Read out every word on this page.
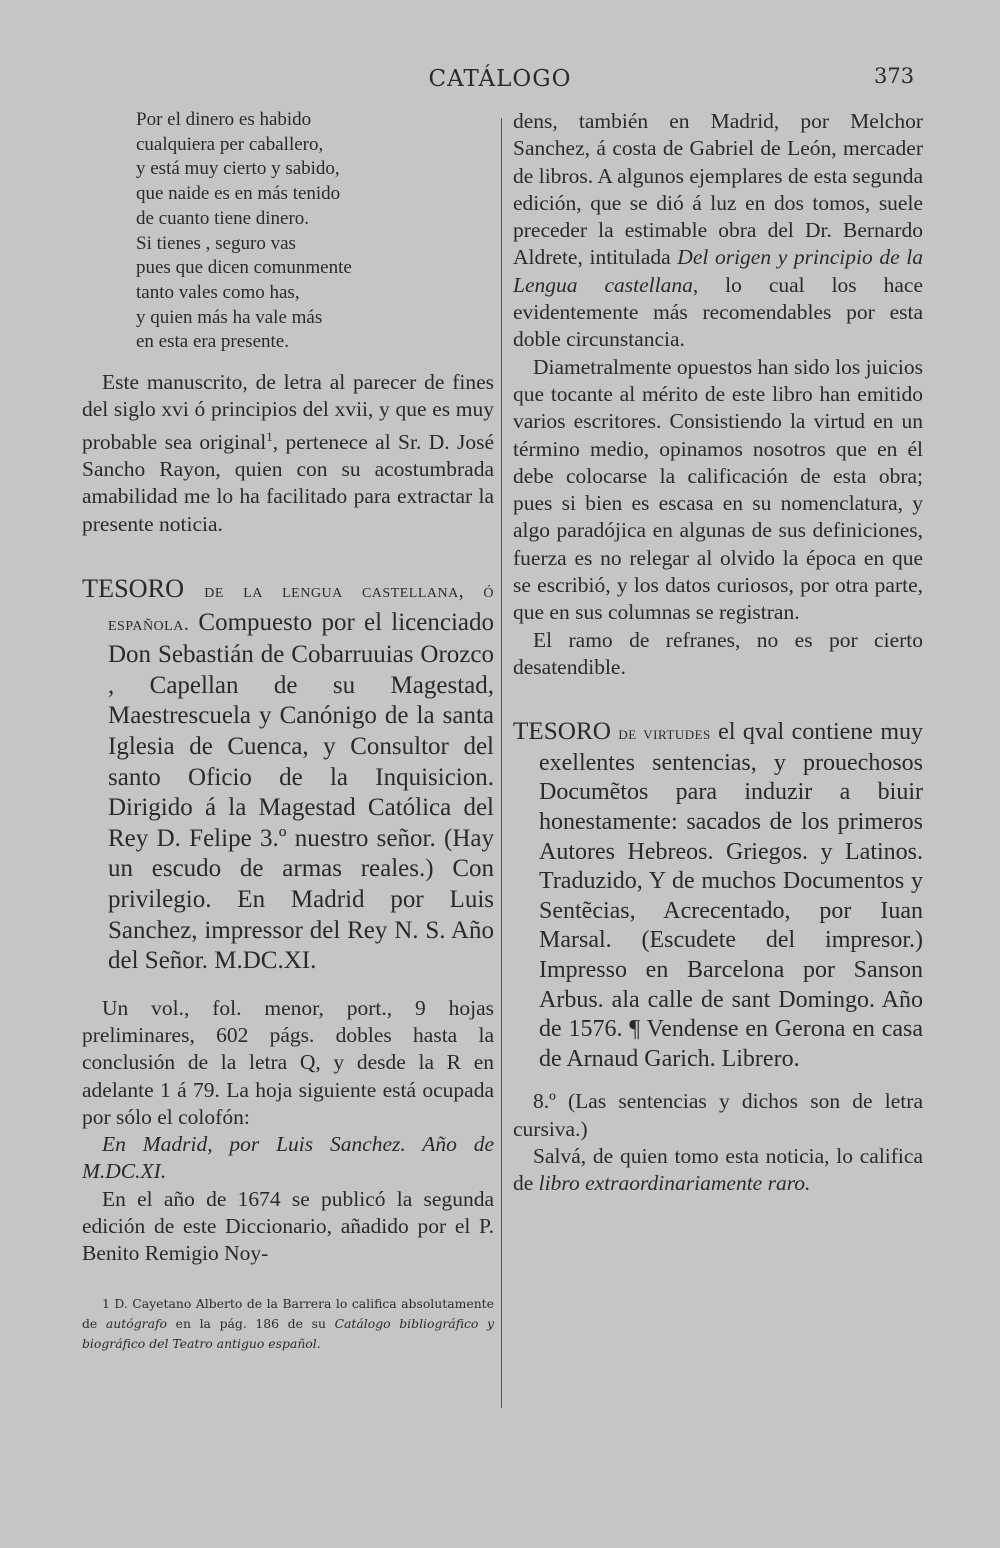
CATÁLOGO	373
Por el dinero es habido
cualquiera per caballero,
y está muy cierto y sabido,
que naide es en más tenido
de cuanto tiene dinero.
Si tienes , seguro vas
pues que dicen comunmente
tanto vales como has,
y quien más ha vale más
en esta era presente.

Este manuscrito, de letra al parecer de fines del siglo xvi ó principios del xvii, y que es muy probable sea original$^1$, pertenece al Sr. D. José Sancho Rayon, quien con su acostumbrada amabilidad me lo ha facilitado para extractar la presente noticia.

TESORO de la lengua castellana, ó española. Compuesto por el licenciado Don Sebastián de Cobarruuias Orozco , Capellan de su Magestad, Maestrescuela y Canónigo de la santa Iglesia de Cuenca, y Consultor del santo Oficio de la Inquisicion. Dirigido á la Magestad Católica del Rey D. Felipe 3.º nuestro señor. (Hay un escudo de armas reales.) Con privilegio. En Madrid por Luis Sanchez, impressor del Rey N. S. Año del Señor. M.DC.XI.

Un vol., fol. menor, port., 9 hojas preliminares, 602 págs. dobles hasta la conclusión de la letra Q, y desde la R en adelante 1 á 79. La hoja siguiente está ocupada por sólo el colofón:

En Madrid, por Luis Sanchez. Año de M.DC.XI.

En el año de 1674 se publicó la segunda edición de este Diccionario, añadido por el P. Benito Remigio Noy-

1 D. Cayetano Alberto de la Barrera lo califica absolutamente de autógrafo en la pág. 186 de su Catálogo bibliográfico y biográfico del Teatro antiguo español.

dens, también en Madrid, por Melchor Sanchez, á costa de Gabriel de León, mercader de libros. A algunos ejemplares de esta segunda edición, que se dió á luz en dos tomos, suele preceder la estimable obra del Dr. Bernardo Aldrete, intitulada Del origen y principio de la Lengua castellana, lo cual los hace evidentemente más recomendables por esta doble circunstancia.

Diametralmente opuestos han sido los juicios que tocante al mérito de este libro han emitido varios escritores. Consistiendo la virtud en un término medio, opinamos nosotros que en él debe colocarse la calificación de esta obra; pues si bien es escasa en su nomenclatura, y algo paradójica en algunas de sus definiciones, fuerza es no relegar al olvido la época en que se escribió, y los datos curiosos, por otra parte, que en sus columnas se registran.

El ramo de refranes, no es por cierto desatendible.

TESORO de virtudes el qval contiene muy exellentes sentencias, y prouechosos Documẽtos para induzir a biuir honestamente: sacados de los primeros Autores Hebreos. Griegos. y Latinos. Traduzido, Y de muchos Documentos y Sentẽcias, Acrecentado, por Iuan Marsal. (Escudete del impresor.) Impresso en Barcelona por Sanson Arbus. ala calle de sant Domingo. Año de 1576. ¶ Vendense en Gerona en casa de Arnaud Garich. Librero.

8.º (Las sentencias y dichos son de letra cursiva.)

Salvá, de quien tomo esta noticia, lo califica de libro extraordinariamente raro.
